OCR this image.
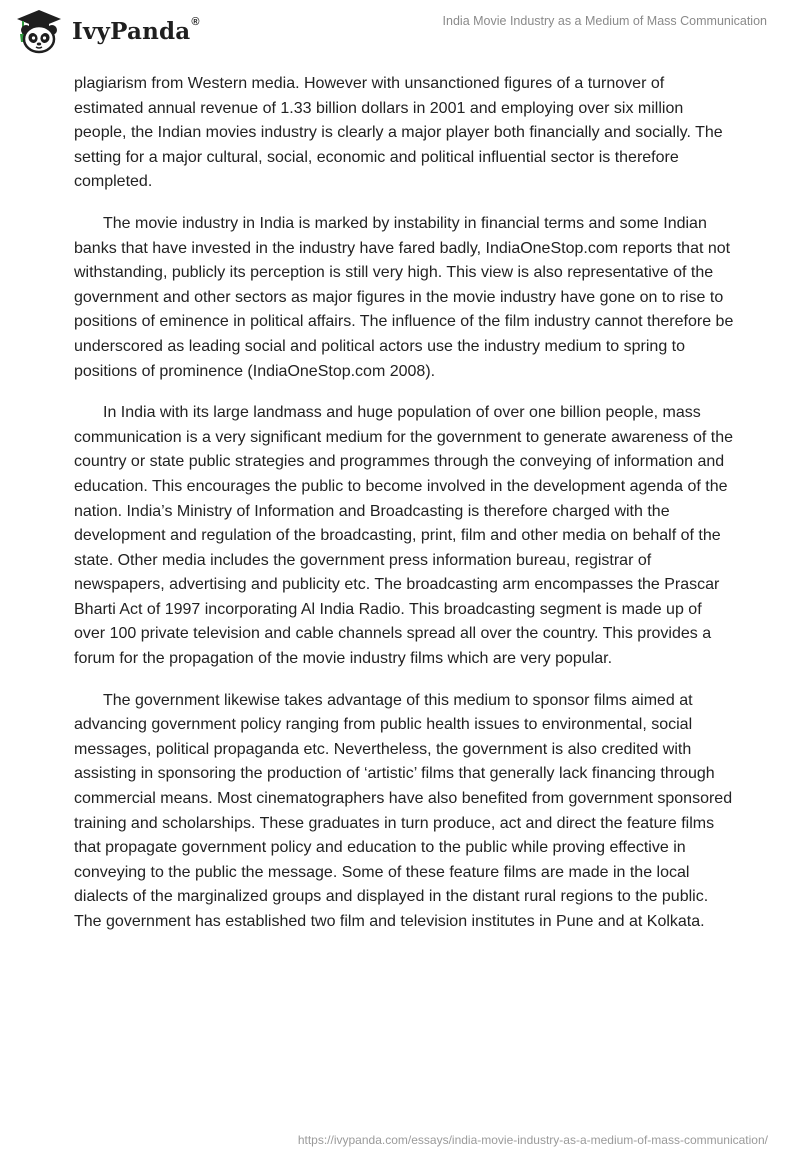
IvyPanda®	India Movie Industry as a Medium of Mass Communication

plagiarism from Western media. However with unsanctioned figures of a turnover of estimated annual revenue of 1.33 billion dollars in 2001 and employing over six million people, the Indian movies industry is clearly a major player both financially and socially. The setting for a major cultural, social, economic and political influential sector is therefore completed.

The movie industry in India is marked by instability in financial terms and some Indian banks that have invested in the industry have fared badly, IndiaOneStop.com reports that not withstanding, publicly its perception is still very high. This view is also representative of the government and other sectors as major figures in the movie industry have gone on to rise to positions of eminence in political affairs. The influence of the film industry cannot therefore be underscored as leading social and political actors use the industry medium to spring to positions of prominence (IndiaOneStop.com 2008).

In India with its large landmass and huge population of over one billion people, mass communication is a very significant medium for the government to generate awareness of the country or state public strategies and programmes through the conveying of information and education. This encourages the public to become involved in the development agenda of the nation. India’s Ministry of Information and Broadcasting is therefore charged with the development and regulation of the broadcasting, print, film and other media on behalf of the state. Other media includes the government press information bureau, registrar of newspapers, advertising and publicity etc. The broadcasting arm encompasses the Prascar Bharti Act of 1997 incorporating Al India Radio. This broadcasting segment is made up of over 100 private television and cable channels spread all over the country. This provides a forum for the propagation of the movie industry films which are very popular.

The government likewise takes advantage of this medium to sponsor films aimed at advancing government policy ranging from public health issues to environmental, social messages, political propaganda etc. Nevertheless, the government is also credited with assisting in sponsoring the production of ‘artistic’ films that generally lack financing through commercial means. Most cinematographers have also benefited from government sponsored training and scholarships. These graduates in turn produce, act and direct the feature films that propagate government policy and education to the public while proving effective in conveying to the public the message. Some of these feature films are made in the local dialects of the marginalized groups and displayed in the distant rural regions to the public. The government has established two film and television institutes in Pune and at Kolkata.

https://ivypanda.com/essays/india-movie-industry-as-a-medium-of-mass-communication/
